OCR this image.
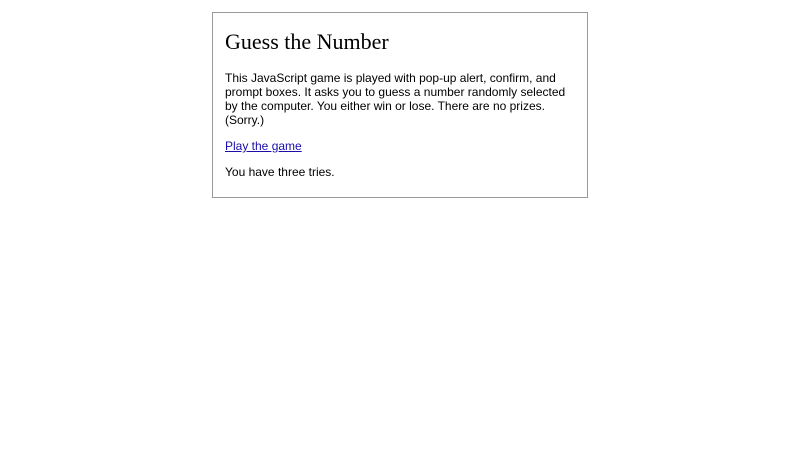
Guess the Number

This JavaScript game is played with pop-up alert, confirm, and prompt boxes. It asks you to guess a number randomly selected by the computer. You either win or lose. There are no prizes. (Sorry.)

Play the game

You have three tries.
